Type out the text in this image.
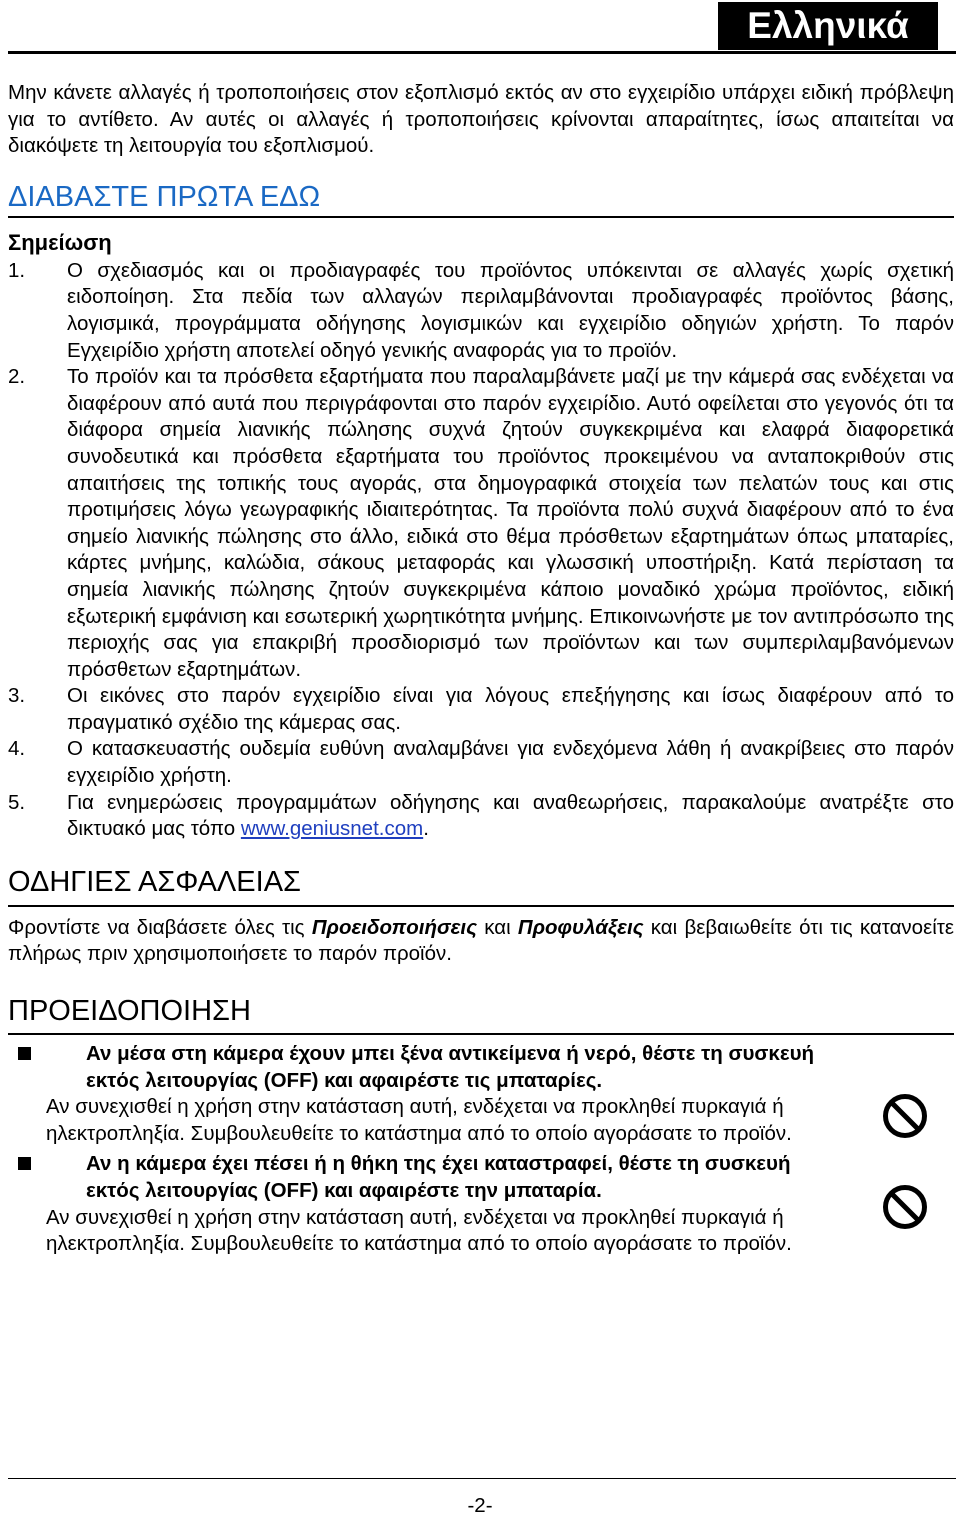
Ελληνικά

Μην κάνετε αλλαγές ή τροποποιήσεις στον εξοπλισμό εκτός αν στο εγχειρίδιο υπάρχει ειδική πρόβλεψη για το αντίθετο. Αν αυτές οι αλλαγές ή τροποποιήσεις κρίνονται απαραίτητες, ίσως απαιτείται να διακόψετε τη λειτουργία του εξοπλισμού.

ΔΙΑΒΑΣΤΕ ΠΡΩΤΑ ΕΔΩ
Σημείωση
1. Ο σχεδιασμός και οι προδιαγραφές του προϊόντος υπόκεινται σε αλλαγές χωρίς σχετική ειδοποίηση. Στα πεδία των αλλαγών περιλαμβάνονται προδιαγραφές προϊόντος βάσης, λογισμικά, προγράμματα οδήγησης λογισμικών και εγχειρίδιο οδηγιών χρήστη. Το παρόν Εγχειρίδιο χρήστη αποτελεί οδηγό γενικής αναφοράς για το προϊόν.
2. Το προϊόν και τα πρόσθετα εξαρτήματα που παραλαμβάνετε μαζί με την κάμερά σας ενδέχεται να διαφέρουν από αυτά που περιγράφονται στο παρόν εγχειρίδιο. Αυτό οφείλεται στο γεγονός ότι τα διάφορα σημεία λιανικής πώλησης συχνά ζητούν συγκεκριμένα και ελαφρά διαφορετικά συνοδευτικά και πρόσθετα εξαρτήματα του προϊόντος προκειμένου να ανταποκριθούν στις απαιτήσεις της τοπικής τους αγοράς, στα δημογραφικά στοιχεία των πελατών τους και στις προτιμήσεις λόγω γεωγραφικής ιδιαιτερότητας. Τα προϊόντα πολύ συχνά διαφέρουν από το ένα σημείο λιανικής πώλησης στο άλλο, ειδικά στο θέμα πρόσθετων εξαρτημάτων όπως μπαταρίες, κάρτες μνήμης, καλώδια, σάκους μεταφοράς και γλωσσική υποστήριξη. Κατά περίσταση τα σημεία λιανικής πώλησης ζητούν συγκεκριμένα κάποιο μοναδικό χρώμα προϊόντος, ειδική εξωτερική εμφάνιση και εσωτερική χωρητικότητα μνήμης. Επικοινωνήστε με τον αντιπρόσωπο της περιοχής σας για επακριβή προσδιορισμό των προϊόντων και των συμπεριλαμβανόμενων πρόσθετων εξαρτημάτων.
3. Οι εικόνες στο παρόν εγχειρίδιο είναι για λόγους επεξήγησης και ίσως διαφέρουν από το πραγματικό σχέδιο της κάμερας σας.
4. Ο κατασκευαστής ουδεμία ευθύνη αναλαμβάνει για ενδεχόμενα λάθη ή ανακρίβειες στο παρόν εγχειρίδιο χρήστη.
5. Για ενημερώσεις προγραμμάτων οδήγησης και αναθεωρήσεις, παρακαλούμε ανατρέξτε στο δικτυακό μας τόπο www.geniusnet.com.
ΟΔΗΓΙΕΣ ΑΣΦΑΛΕΙΑΣ

Φροντίστε να διαβάσετε όλες τις Προειδοποιήσεις και Προφυλάξεις και βεβαιωθείτε ότι τις κατανοείτε πλήρως πριν χρησιμοποιήσετε το παρόν προϊόν.

ΠΡΟΕΙΔΟΠΟΙΗΣΗ
Αν μέσα στη κάμερα έχουν μπει ξένα αντικείμενα ή νερό, θέστε τη συσκευή εκτός λειτουργίας (OFF) και αφαιρέστε τις μπαταρίες.
Αν συνεχισθεί η χρήση στην κατάσταση αυτή, ενδέχεται να προκληθεί πυρκαγιά ή ηλεκτροπληξία. Συμβουλευθείτε το κατάστημα από το οποίο αγοράσατε το προϊόν.
Αν η κάμερα έχει πέσει ή η θήκη της έχει καταστραφεί, θέστε τη συσκευή εκτός λειτουργίας (OFF) και αφαιρέστε την μπαταρία.
Αν συνεχισθεί η χρήση στην κατάσταση αυτή, ενδέχεται να προκληθεί πυρκαγιά ή ηλεκτροπληξία. Συμβουλευθείτε το κατάστημα από το οποίο αγοράσατε το προϊόν.
-2-
